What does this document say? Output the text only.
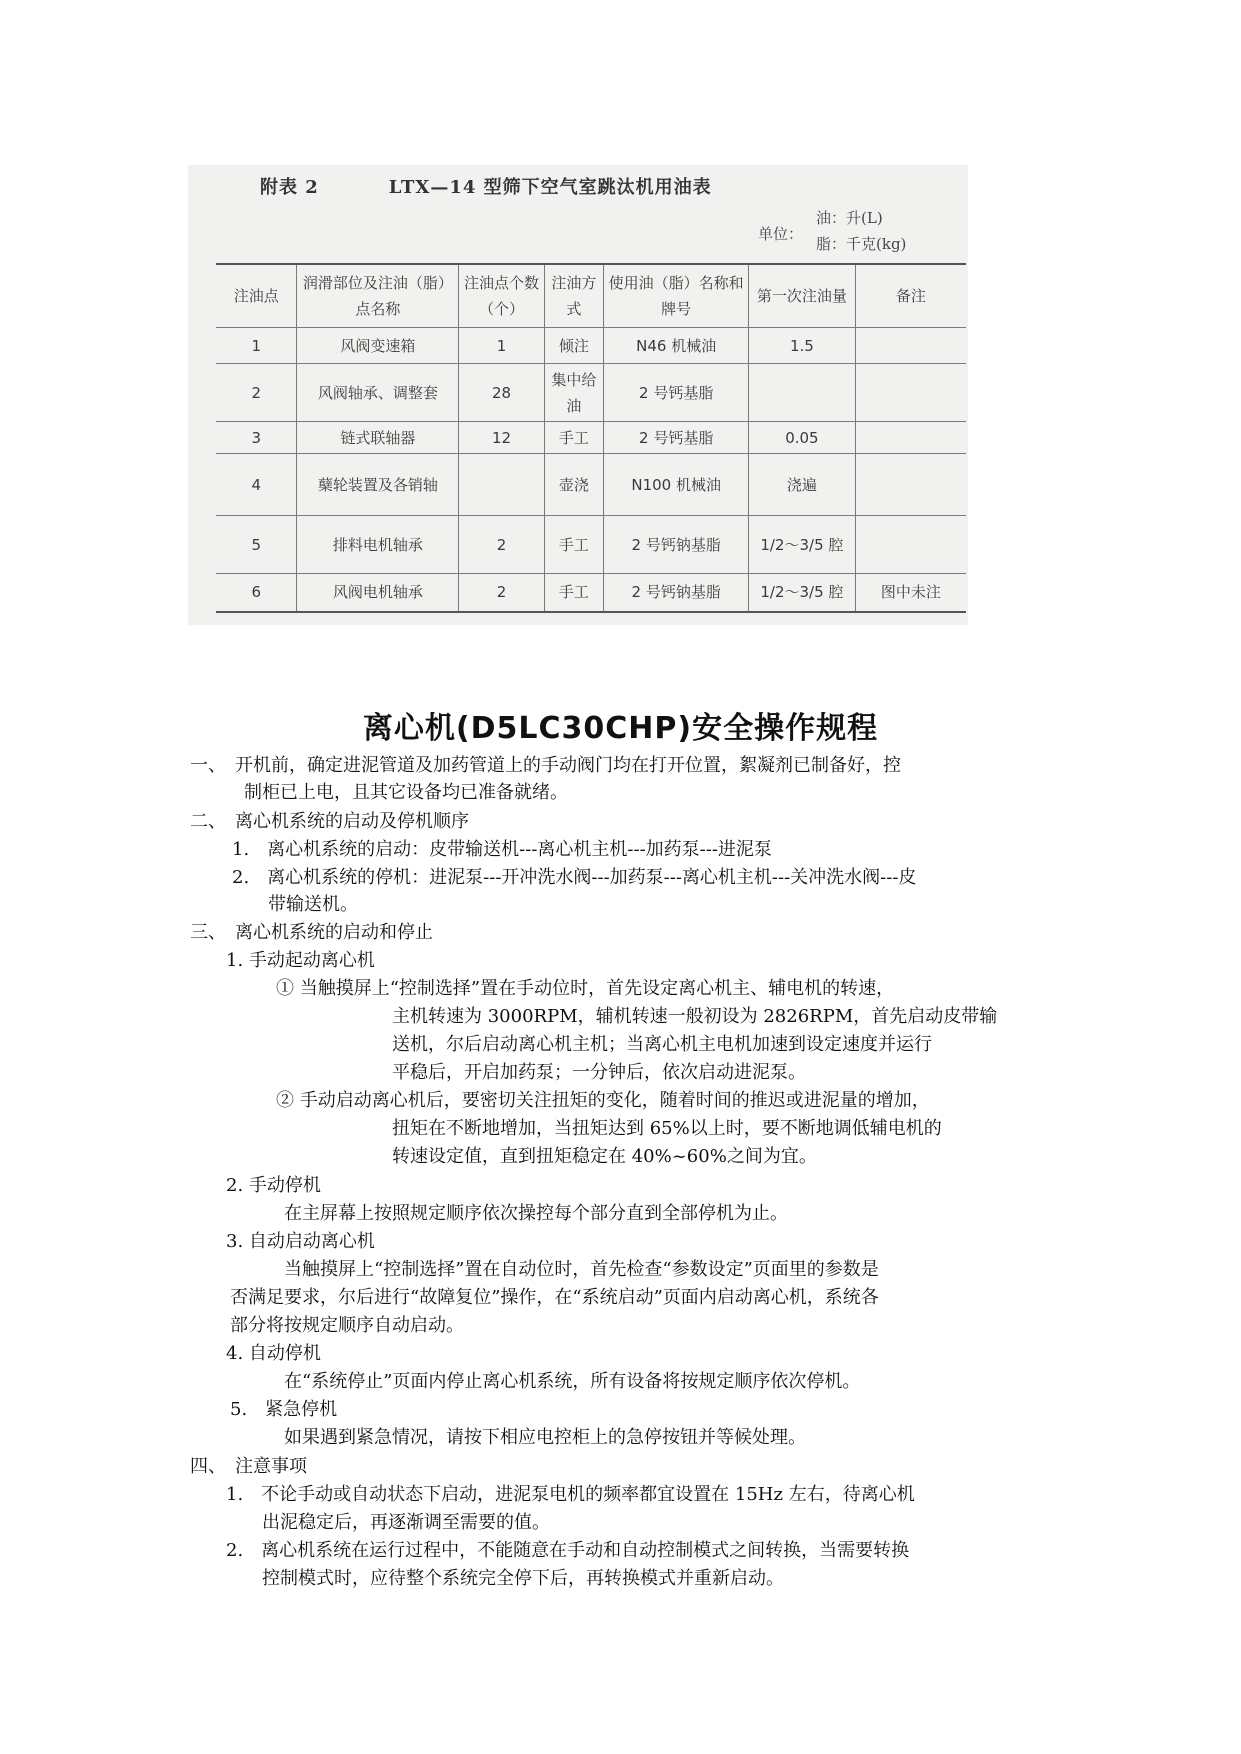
附表 2	LTX—14 型筛下空气室跳汰机用油表
单位：
油：升(L)
脂：千克(kg)
注油点	润滑部位及注油（脂）点名称	注油点个数（个）	注油方式	使用油（脂）名称和牌号	第一次注油量	备注
1	风阀变速箱	1	倾注	N46 机械油	1.5	
2	风阀轴承、调整套	28	集中给油	2 号钙基脂		
3	链式联轴器	12	手工	2 号钙基脂	0.05	
4	蘖轮装置及各销轴		壶浇	N100 机械油	浇遍	
5	排料电机轴承	2	手工	2 号钙钠基脂	1/2～3/5 腔	
6	风阀电机轴承	2	手工	2 号钙钠基脂	1/2～3/5 腔	图中未注
离心机(D5LC30CHP)安全操作规程
一、　开机前，确定进泥管道及加药管道上的手动阀门均在打开位置，絮凝剂已制备好，控
制柜已上电，且其它设备均已准备就绪。
二、　离心机系统的启动及停机顺序
1.　离心机系统的启动：皮带输送机---离心机主机---加药泵---进泥泵
2.　离心机系统的停机：进泥泵---开冲洗水阀---加药泵---离心机主机---关冲洗水阀---皮
带输送机。
三、　离心机系统的启动和停止
1. 手动起动离心机
① 当触摸屏上“控制选择”置在手动位时，首先设定离心机主、辅电机的转速，
主机转速为 3000RPM，辅机转速一般初设为 2826RPM，首先启动皮带输
送机，尔后启动离心机主机；当离心机主电机加速到设定速度并运行
平稳后，开启加药泵；一分钟后，依次启动进泥泵。
② 手动启动离心机后，要密切关注扭矩的变化，随着时间的推迟或进泥量的增加，
扭矩在不断地增加，当扭矩达到 65%以上时，要不断地调低辅电机的
转速设定值，直到扭矩稳定在 40%~60%之间为宜。
2. 手动停机
在主屏幕上按照规定顺序依次操控每个部分直到全部停机为止。
3. 自动启动离心机
当触摸屏上“控制选择”置在自动位时，首先检查“参数设定”页面里的参数是
否满足要求，尔后进行“故障复位”操作，在“系统启动”页面内启动离心机，系统各
部分将按规定顺序自动启动。
4. 自动停机
在“系统停止”页面内停止离心机系统，所有设备将按规定顺序依次停机。
5.　紧急停机
如果遇到紧急情况，请按下相应电控柜上的急停按钮并等候处理。
四、　注意事项
1.　不论手动或自动状态下启动，进泥泵电机的频率都宜设置在 15Hz 左右，待离心机
出泥稳定后，再逐渐调至需要的值。
2.　离心机系统在运行过程中，不能随意在手动和自动控制模式之间转换，当需要转换
控制模式时，应待整个系统完全停下后，再转换模式并重新启动。
